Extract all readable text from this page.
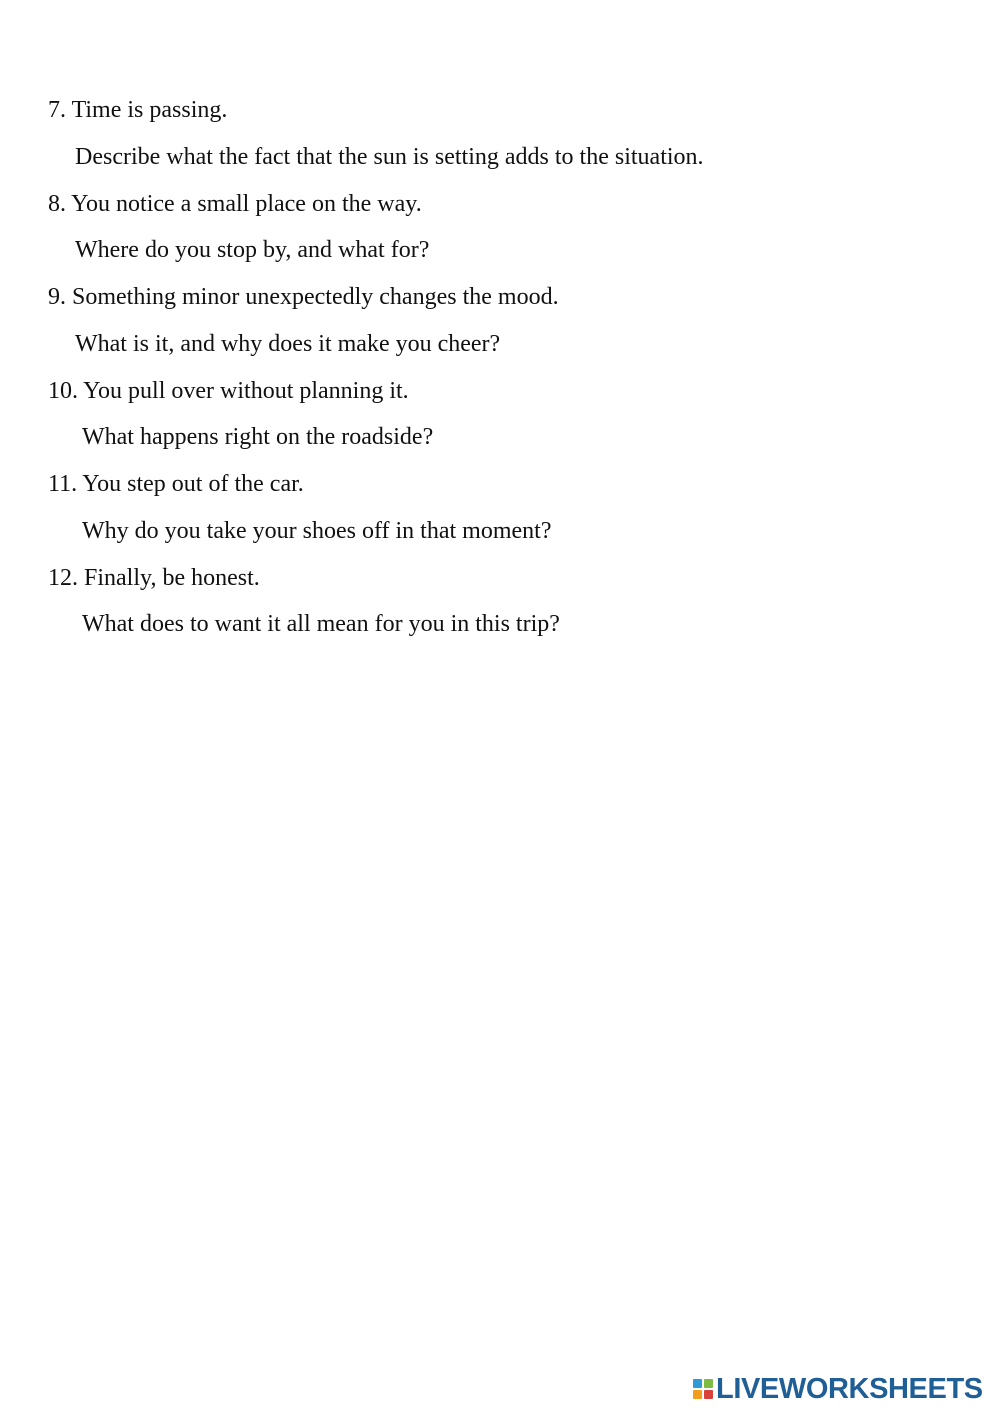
7. Time is passing.
Describe what the fact that the sun is setting adds to the situation.
8. You notice a small place on the way.
Where do you stop by, and what for?
9. Something minor unexpectedly changes the mood.
What is it, and why does it make you cheer?
10. You pull over without planning it.
What happens right on the roadside?
11. You step out of the car.
Why do you take your shoes off in that moment?
12. Finally, be honest.
What does to want it all mean for you in this trip?
LIVEWORKSHEETS
